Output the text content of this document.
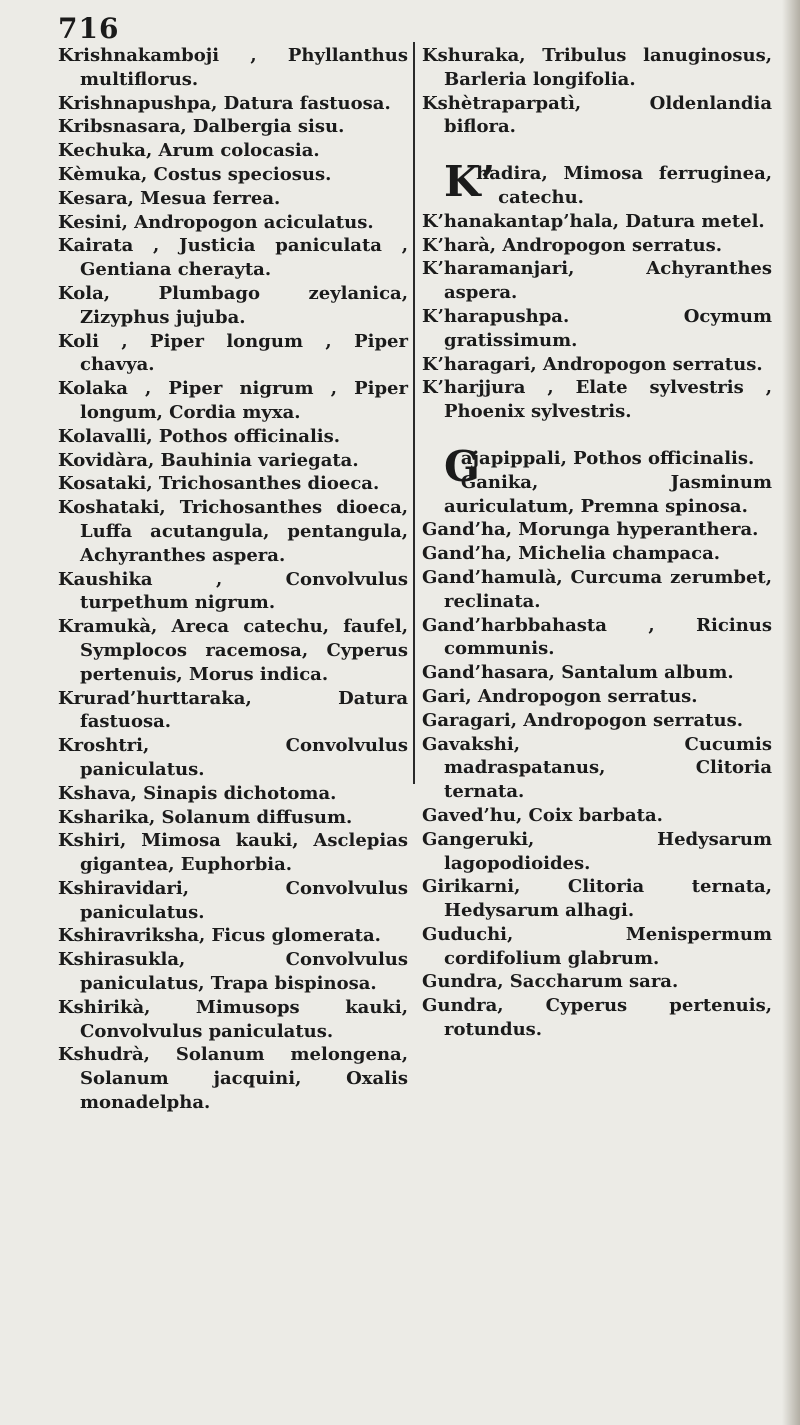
716
Krishnakamboji , Phyllanthus multiflorus.
Krishnapushpa, Datura fastuosa.
Kribsnasara, Dalbergia sisu.
Kechuka, Arum colocasia.
Kèmuka, Costus speciosus.
Kesara, Mesua ferrea.
Kesini, Andropogon aciculatus.
Kairata , Justicia paniculata , Gentiana cherayta.
Kola, Plumbago zeylanica, Zizyphus jujuba.
Koli , Piper longum , Piper chavya.
Kolaka , Piper nigrum , Piper longum, Cordia myxa.
Kolavalli, Pothos officinalis.
Kovidàra, Bauhinia variegata.
Kosataki, Trichosanthes dioeca.
Koshataki, Trichosanthes dioeca, Luffa acutangula, pentangula, Achyranthes aspera.
Kaushika , Convolvulus turpethum nigrum.
Kramukà, Areca catechu, faufel, Symplocos racemosa, Cyperus pertenuis, Morus indica.
Krurad’hurttaraka, Datura fastuosa.
Kroshtri, Convolvulus paniculatus.
Kshava, Sinapis dichotoma.
Ksharika, Solanum diffusum.
Kshiri, Mimosa kauki, Asclepias gigantea, Euphorbia.
Kshiravidari, Convolvulus paniculatus.
Kshiravriksha, Ficus glomerata.
Kshirasukla, Convolvulus paniculatus, Trapa bispinosa.
Kshirikà, Mimusops kauki, Convolvulus paniculatus.
Kshudrà, Solanum melongena, Solanum jacquini, Oxalis monadelpha.
Kshuraka, Tribulus lanuginosus, Barleria longifolia.
Kshètraparpatì, Oldenlandia biflora.
K’
hadira, Mimosa ferruginea, catechu.
K’hanakantap’hala, Datura metel.
K’harà, Andropogon serratus.
K’haramanjari, Achyranthes aspera.
K’harapushpa. Ocymum gratissimum.
K’haragari, Andropogon serratus.
K’harjjura , Elate sylvestris , Phoenix sylvestris.
G
ajapippali, Pothos officinalis.
Ganika, Jasminum auriculatum, Premna spinosa.
Gand’ha, Morunga hyperanthera.
Gand’ha, Michelia champaca.
Gand’hamulà, Curcuma zerumbet, reclinata.
Gand’harbbahasta , Ricinus communis.
Gand’hasara, Santalum album.
Gari, Andropogon serratus.
Garagari, Andropogon serratus.
Gavakshi, Cucumis madraspatanus, Clitoria ternata.
Gaved’hu, Coix barbata.
Gangeruki, Hedysarum lagopodioides.
Girikarni, Clitoria ternata, Hedysarum alhagi.
Guduchi, Menispermum cordifolium glabrum.
Gundra, Saccharum sara.
Gundra, Cyperus pertenuis, rotundus.
